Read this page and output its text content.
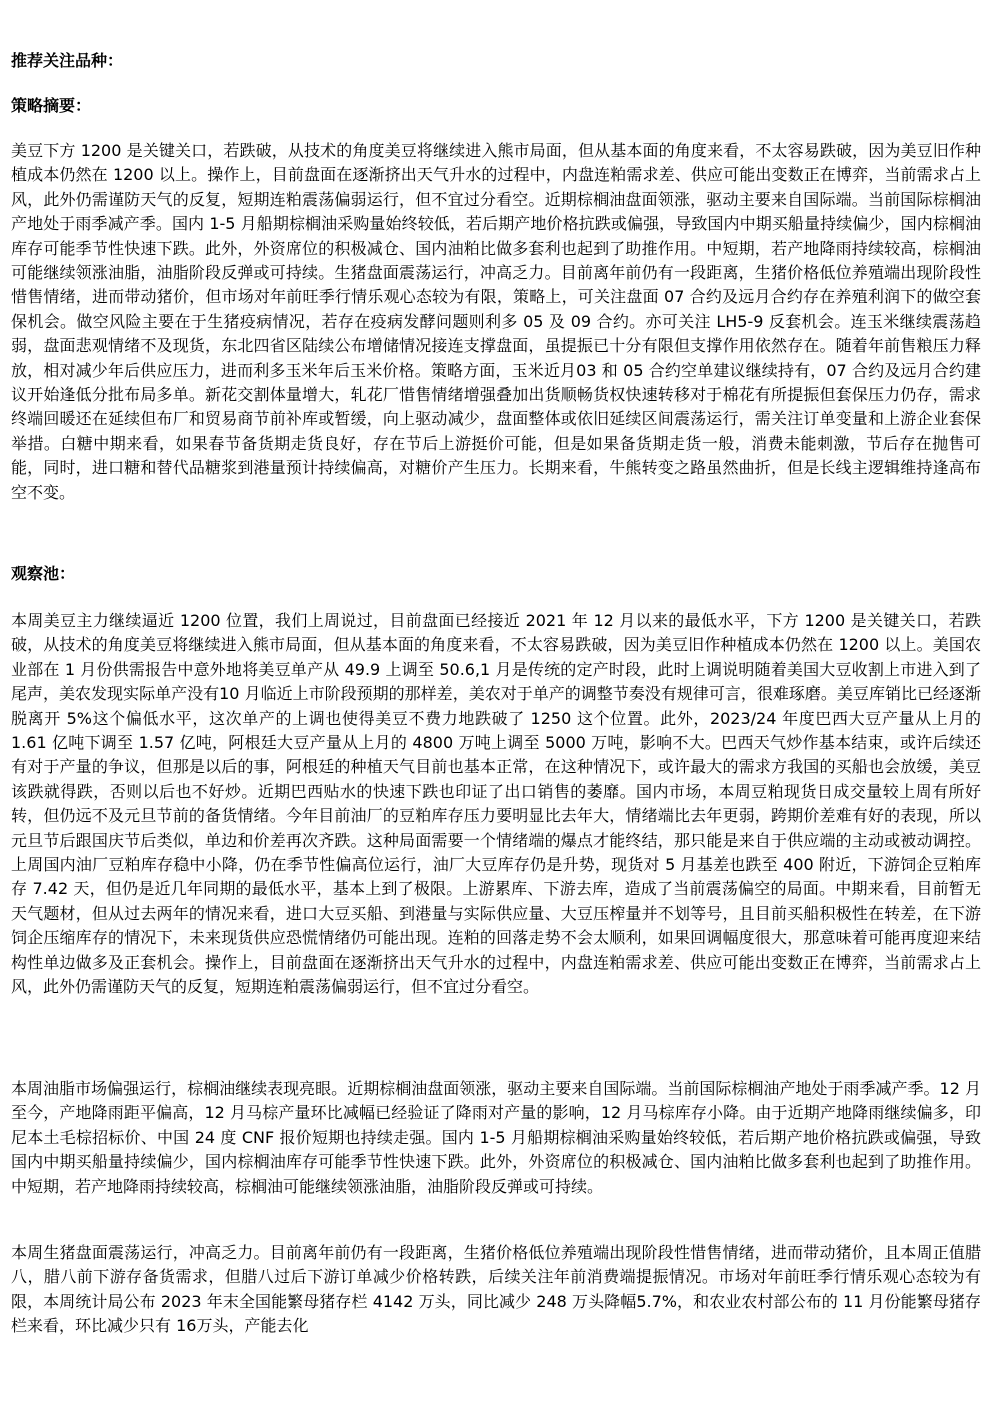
推荐关注品种：

策略摘要：

美豆下方 1200 是关键关口，若跌破，从技术的角度美豆将继续进入熊市局面，但从基本面的角度来看，不太容易跌破，因为美豆旧作种植成本仍然在 1200 以上。操作上，目前盘面在逐渐挤出天气升水的过程中，内盘连粕需求差、供应可能出变数正在博弈，当前需求占上风，此外仍需谨防天气的反复，短期连粕震荡偏弱运行，但不宜过分看空。近期棕榈油盘面领涨，驱动主要来自国际端。当前国际棕榈油产地处于雨季减产季。国内 1-5 月船期棕榈油采购量始终较低，若后期产地价格抗跌或偏强，导致国内中期买船量持续偏少，国内棕榈油库存可能季节性快速下跌。此外，外资席位的积极减仓、国内油粕比做多套利也起到了助推作用。中短期，若产地降雨持续较高，棕榈油可能继续领涨油脂，油脂阶段反弹或可持续。生猪盘面震荡运行，冲高乏力。目前离年前仍有一段距离，生猪价格低位养殖端出现阶段性惜售情绪，进而带动猪价，但市场对年前旺季行情乐观心态较为有限，策略上，可关注盘面 07 合约及远月合约存在养殖利润下的做空套保机会。做空风险主要在于生猪疫病情况，若存在疫病发酵问题则利多 05 及 09 合约。亦可关注 LH5-9 反套机会。连玉米继续震荡趋弱，盘面悲观情绪不及现货，东北四省区陆续公布增储情况接连支撑盘面，虽提振已十分有限但支撑作用依然存在。随着年前售粮压力释放，相对减少年后供应压力，进而利多玉米年后玉米价格。策略方面，玉米近月03 和 05 合约空单建议继续持有，07 合约及远月合约建议开始逢低分批布局多单。新花交割体量增大，轧花厂惜售情绪增强叠加出货顺畅货权快速转移对于棉花有所提振但套保压力仍存，需求终端回暖还在延续但布厂和贸易商节前补库或暂缓，向上驱动减少，盘面整体或依旧延续区间震荡运行，需关注订单变量和上游企业套保举措。白糖中期来看，如果春节备货期走货良好，存在节后上游挺价可能，但是如果备货期走货一般，消费未能刺激，节后存在抛售可能，同时，进口糖和替代品糖浆到港量预计持续偏高，对糖价产生压力。长期来看，牛熊转变之路虽然曲折，但是长线主逻辑维持逢高布空不变。

观察池：

本周美豆主力继续逼近 1200 位置，我们上周说过，目前盘面已经接近 2021 年 12 月以来的最低水平，下方 1200 是关键关口，若跌破，从技术的角度美豆将继续进入熊市局面，但从基本面的角度来看，不太容易跌破，因为美豆旧作种植成本仍然在 1200 以上。美国农业部在 1 月份供需报告中意外地将美豆单产从 49.9 上调至 50.6,1 月是传统的定产时段，此时上调说明随着美国大豆收割上市进入到了尾声，美农发现实际单产没有10 月临近上市阶段预期的那样差，美农对于单产的调整节奏没有规律可言，很难琢磨。美豆库销比已经逐渐脱离开 5%这个偏低水平，这次单产的上调也使得美豆不费力地跌破了 1250 这个位置。此外，2023/24 年度巴西大豆产量从上月的 1.61 亿吨下调至 1.57 亿吨，阿根廷大豆产量从上月的 4800 万吨上调至 5000 万吨，影响不大。巴西天气炒作基本结束，或许后续还有对于产量的争议，但那是以后的事，阿根廷的种植天气目前也基本正常，在这种情况下，或许最大的需求方我国的买船也会放缓，美豆该跌就得跌，否则以后也不好炒。近期巴西贴水的快速下跌也印证了出口销售的萎靡。国内市场，本周豆粕现货日成交量较上周有所好转，但仍远不及元旦节前的备货情绪。今年目前油厂的豆粕库存压力要明显比去年大，情绪端比去年更弱，跨期价差难有好的表现，所以元旦节后跟国庆节后类似，单边和价差再次齐跌。这种局面需要一个情绪端的爆点才能终结，那只能是来自于供应端的主动或被动调控。上周国内油厂豆粕库存稳中小降，仍在季节性偏高位运行，油厂大豆库存仍是升势，现货对 5 月基差也跌至 400 附近，下游饲企豆粕库存 7.42 天，但仍是近几年同期的最低水平，基本上到了极限。上游累库、下游去库，造成了当前震荡偏空的局面。中期来看，目前暂无天气题材，但从过去两年的情况来看，进口大豆买船、到港量与实际供应量、大豆压榨量并不划等号，且目前买船积极性在转差，在下游饲企压缩库存的情况下，未来现货供应恐慌情绪仍可能出现。连粕的回落走势不会太顺利，如果回调幅度很大，那意味着可能再度迎来结构性单边做多及正套机会。操作上，目前盘面在逐渐挤出天气升水的过程中，内盘连粕需求差、供应可能出变数正在博弈，当前需求占上风，此外仍需谨防天气的反复，短期连粕震荡偏弱运行，但不宜过分看空。

本周油脂市场偏强运行，棕榈油继续表现亮眼。近期棕榈油盘面领涨，驱动主要来自国际端。当前国际棕榈油产地处于雨季减产季。12 月至今，产地降雨距平偏高，12 月马棕产量环比减幅已经验证了降雨对产量的影响，12 月马棕库存小降。由于近期产地降雨继续偏多，印尼本土毛棕招标价、中国 24 度 CNF 报价短期也持续走强。国内 1-5 月船期棕榈油采购量始终较低，若后期产地价格抗跌或偏强，导致国内中期买船量持续偏少，国内棕榈油库存可能季节性快速下跌。此外，外资席位的积极减仓、国内油粕比做多套利也起到了助推作用。中短期，若产地降雨持续较高，棕榈油可能继续领涨油脂，油脂阶段反弹或可持续。

本周生猪盘面震荡运行，冲高乏力。目前离年前仍有一段距离，生猪价格低位养殖端出现阶段性惜售情绪，进而带动猪价，且本周正值腊八，腊八前下游存备货需求，但腊八过后下游订单减少价格转跌，后续关注年前消费端提振情况。市场对年前旺季行情乐观心态较为有限，本周统计局公布 2023 年末全国能繁母猪存栏 4142 万头，同比减少 248 万头降幅5.7%，和农业农村部公布的 11 月份能繁母猪存栏来看，环比减少只有 16万头，产能去化
